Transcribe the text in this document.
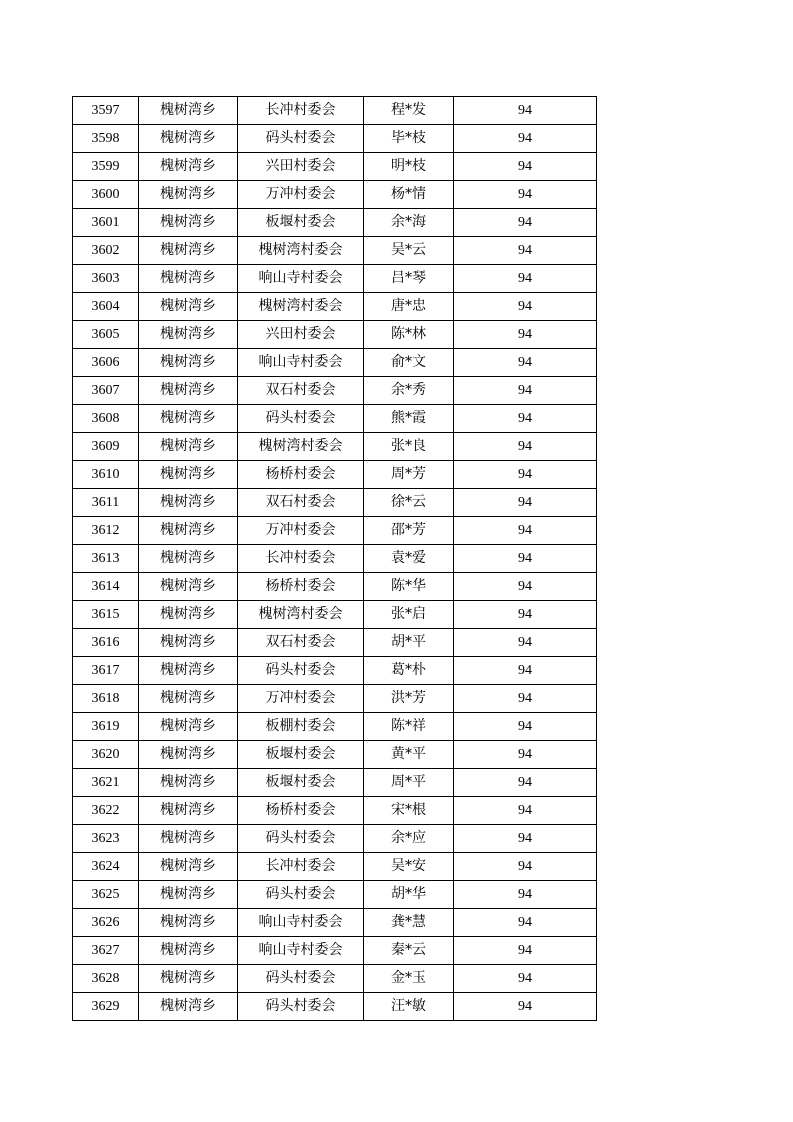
3597	槐树湾乡	长冲村委会	程*发	94
3598	槐树湾乡	码头村委会	毕*枝	94
3599	槐树湾乡	兴田村委会	明*枝	94
3600	槐树湾乡	万冲村委会	杨*情	94
3601	槐树湾乡	板堰村委会	余*海	94
3602	槐树湾乡	槐树湾村委会	吴*云	94
3603	槐树湾乡	响山寺村委会	吕*琴	94
3604	槐树湾乡	槐树湾村委会	唐*忠	94
3605	槐树湾乡	兴田村委会	陈*林	94
3606	槐树湾乡	响山寺村委会	俞*文	94
3607	槐树湾乡	双石村委会	余*秀	94
3608	槐树湾乡	码头村委会	熊*霞	94
3609	槐树湾乡	槐树湾村委会	张*良	94
3610	槐树湾乡	杨桥村委会	周*芳	94
3611	槐树湾乡	双石村委会	徐*云	94
3612	槐树湾乡	万冲村委会	邵*芳	94
3613	槐树湾乡	长冲村委会	袁*爱	94
3614	槐树湾乡	杨桥村委会	陈*华	94
3615	槐树湾乡	槐树湾村委会	张*启	94
3616	槐树湾乡	双石村委会	胡*平	94
3617	槐树湾乡	码头村委会	葛*朴	94
3618	槐树湾乡	万冲村委会	洪*芳	94
3619	槐树湾乡	板棚村委会	陈*祥	94
3620	槐树湾乡	板堰村委会	黄*平	94
3621	槐树湾乡	板堰村委会	周*平	94
3622	槐树湾乡	杨桥村委会	宋*根	94
3623	槐树湾乡	码头村委会	余*应	94
3624	槐树湾乡	长冲村委会	吴*安	94
3625	槐树湾乡	码头村委会	胡*华	94
3626	槐树湾乡	响山寺村委会	龚*慧	94
3627	槐树湾乡	响山寺村委会	秦*云	94
3628	槐树湾乡	码头村委会	金*玉	94
3629	槐树湾乡	码头村委会	汪*敏	94
